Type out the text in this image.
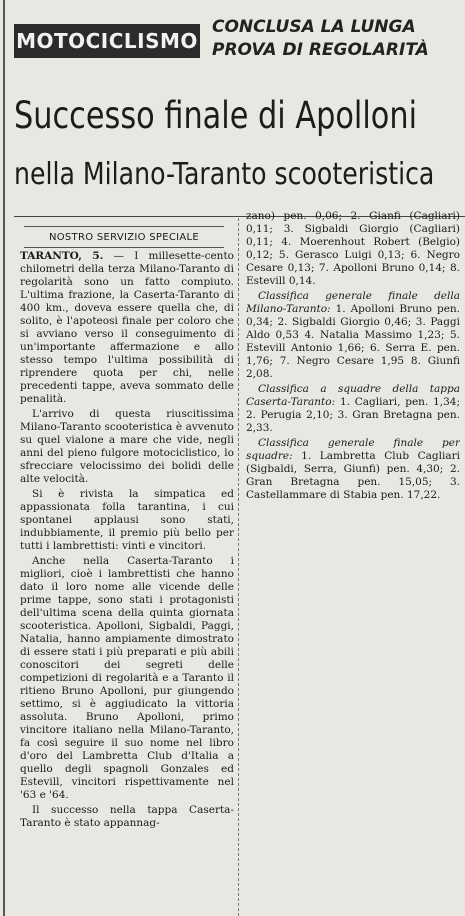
MOTOCICLISMO
CONCLUSA LA LUNGA
PROVA DI REGOLARITÀ
Successo finale di Apolloni
nella Milano-Taranto scooteristica
NOSTRO SERVIZIO SPECIALE

TARANTO, 5. — I millesette-cento chilometri della terza Milano-Taranto di regolarità sono un fatto compiuto. L'ultima frazione, la Caserta-Taranto di 400 km., doveva essere quella che, di solito, è l'apoteosi finale per coloro che si avviano verso il conseguimento di un'importante affermazione e allo stesso tempo l'ultima possibilità di riprendere quota per chi, nelle precedenti tappe, aveva sommato delle penalità.

L'arrivo di questa riuscitissima Milano-Taranto scooteristica è avvenuto su quel vialone a mare che vide, negli anni del pieno fulgore motociclistico, lo sfrecciare velocissimo dei bolidi delle alte velocità.

Si è rivista la simpatica ed appassionata folla tarantina, i cui spontanei applausi sono stati, indubbiamente, il premio più bello per tutti i lambrettisti: vinti e vincitori.

Anche nella Caserta-Taranto i migliori, cioè i lambrettisti che hanno dato il loro nome alle vicende delle prime tappe, sono stati i protagonisti dell'ultima scena della quinta giornata scooteristica. Apolloni, Sigbaldi, Paggi, Natalia, hanno ampiamente dimostrato di essere stati i più preparati e più abili conoscitori dei segreti delle competizioni di regolarità e a Taranto il ritieno Bruno Apolloni, pur giungendo settimo, si è aggiudicato la vittoria assoluta. Bruno Apolloni, primo vincitore italiano nella Milano-Taranto, fa così seguire il suo nome nel libro d'oro del Lambretta Club d'Italia a quello degli spagnoli Gonzales ed Estevill, vincitori rispettivamente nel '63 e '64.

Il successo nella tappa Caserta-Taranto è stato appannag-

zano) pen. 0,06; 2. Gianfi (Cagliari) 0,11; 3. Sigbaldi Giorgio (Cagliari) 0,11; 4. Moerenhout Robert (Belgio) 0,12; 5. Gerasco Luigi 0,13; 6. Negro Cesare 0,13; 7. Apolloni Bruno 0,14; 8. Estevill 0,14.

Classifica generale finale della Milano-Taranto: 1. Apolloni Bruno pen. 0,34; 2. Sigbaldi Giorgio 0,46; 3. Paggi Aldo 0,53 4. Natalia Massimo 1,23; 5. Estevill Antonio 1,66; 6. Serra E. pen. 1,76; 7. Negro Cesare 1,95 8. Giunfi 2,08.

Classifica a squadre della tappa Caserta-Taranto: 1. Cagliari, pen. 1,34; 2. Perugia 2,10; 3. Gran Bretagna pen. 2,33.

Classifica generale finale per squadre: 1. Lambretta Club Cagliari (Sigbaldi, Serra, Giunfi) pen. 4,30; 2. Gran Bretagna pen. 15,05; 3. Castellammare di Stabia pen. 17,22.
